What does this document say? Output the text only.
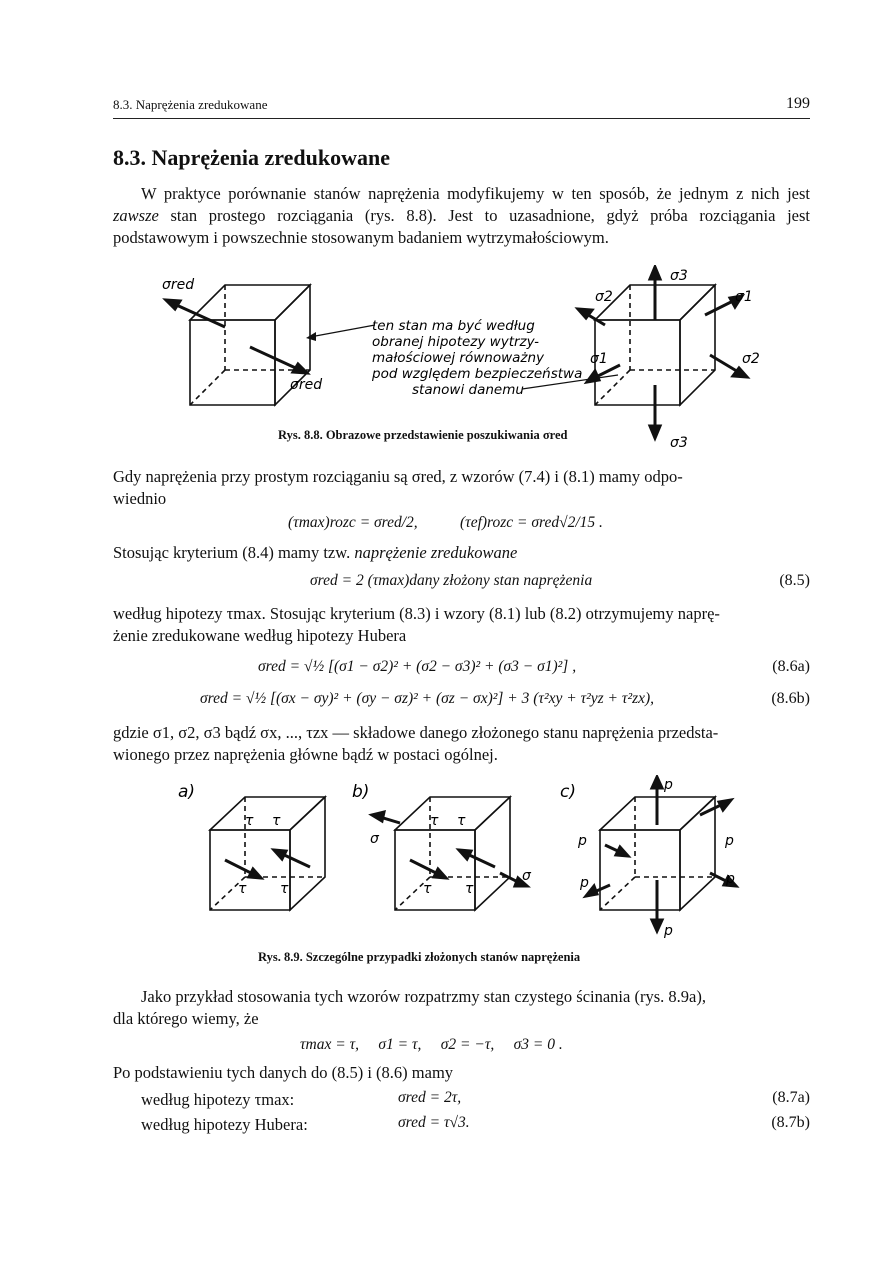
8.3. Naprężenia zredukowane	199
8.3. Naprężenia zredukowane
W praktyce porównanie stanów naprężenia modyfikujemy w ten sposób, że jednym z nich jest zawsze stan prostego rozciągania (rys. 8.8). Jest to uzasadnione, gdyż próba rozciągania jest podstawowym i powszechnie stosowanym badaniem wytrzymałościowym.
σred
σred
ten stan ma być według
obranej hipotezy wytrzy-
małościowej równoważny
pod względem bezpieczeństwa
stanowi danemu
σ3
σ3
σ2	σ1
σ1	σ2
Rys. 8.8. Obrazowe przedstawienie poszukiwania σred
Gdy naprężenia przy prostym rozciąganiu są σred, z wzorów (7.4) i (8.1) mamy odpo-
wiednio
(τmax)rozc = σred/2,	(τef)rozc = σred√2/15 .
Stosując kryterium (8.4) mamy tzw. naprężenie zredukowane
σred = 2 (τmax)dany złożony stan naprężenia	(8.5)
według hipotezy τmax. Stosując kryterium (8.3) i wzory (8.1) lub (8.2) otrzymujemy naprę-
żenie zredukowane według hipotezy Hubera
σred = √½ [(σ1 − σ2)² + (σ2 − σ3)² + (σ3 − σ1)²] ,	(8.6a)
σred = √½ [(σx − σy)² + (σy − σz)² + (σz − σx)²] + 3 (τ²xy + τ²yz + τ²zx),	(8.6b)
gdzie σ1, σ2, σ3 bądź σx, ..., τzx — składowe danego złożonego stanu naprężenia przedsta-
wionego przez naprężenia główne bądź w postaci ogólnej.
a)	b)	c)
τ τ
τ τ
τ τ
τ τ
σ
σ
p
p
p	p
p	p
Rys. 8.9. Szczególne przypadki złożonych stanów naprężenia
Jako przykład stosowania tych wzorów rozpatrzmy stan czystego ścinania (rys. 8.9a),
dla którego wiemy, że
τmax = τ,     σ1 = τ,     σ2 = −τ,     σ3 = 0 .
Po podstawieniu tych danych do (8.5) i (8.6) mamy
według hipotezy τmax:	σred = 2τ,	(8.7a)
według hipotezy Hubera:	σred = τ√3.	(8.7b)
